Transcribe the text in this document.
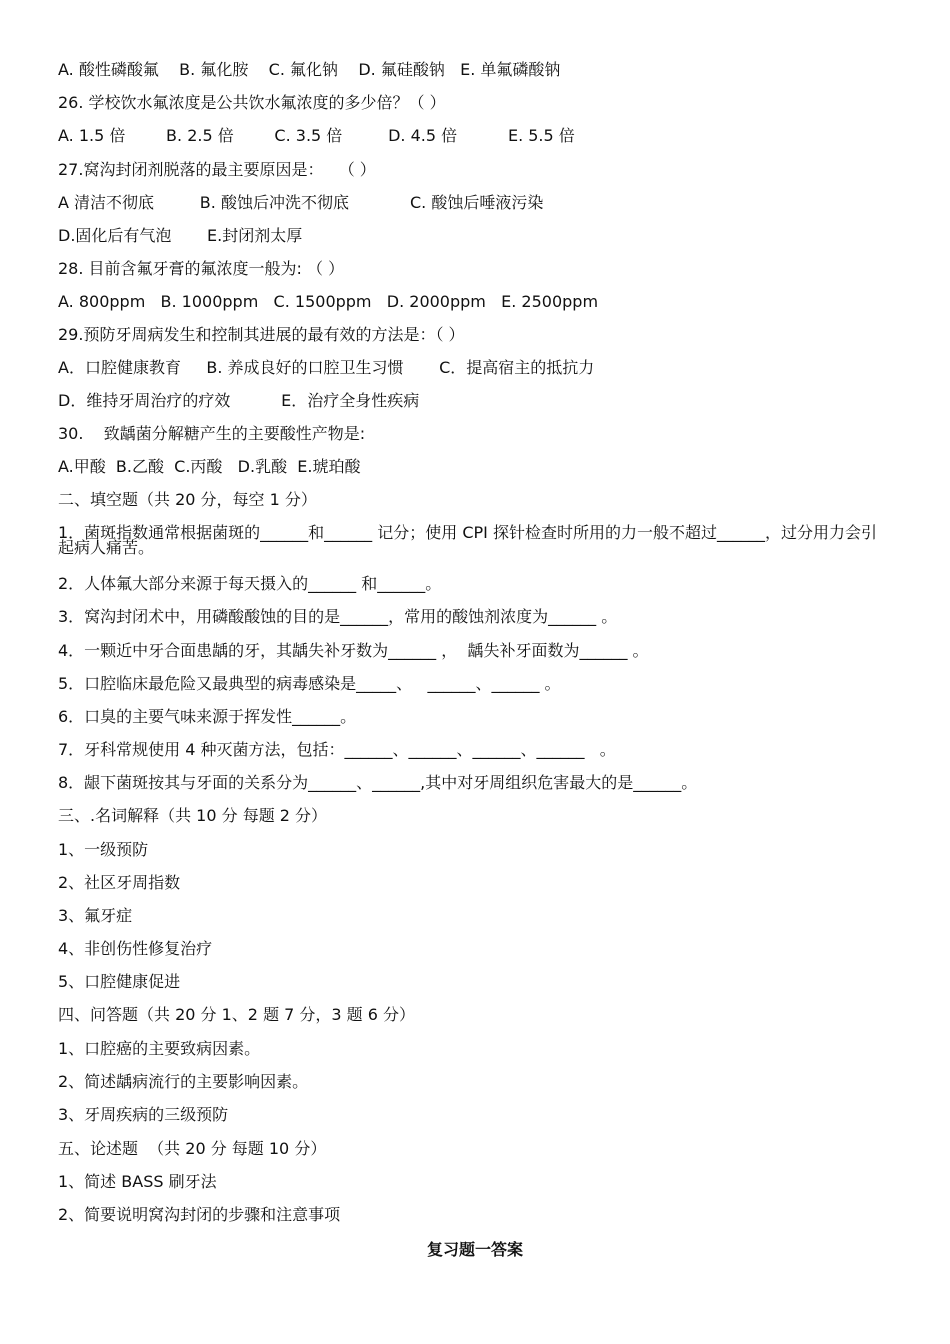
A. 酸性磷酸氟    B. 氟化胺    C. 氟化钠    D. 氟硅酸钠   E. 单氟磷酸钠
26. 学校饮水氟浓度是公共饮水氟浓度的多少倍？（ ）
A. 1.5 倍        B. 2.5 倍        C. 3.5 倍         D. 4.5 倍          E. 5.5 倍
27.窝沟封闭剂脱落的最主要原因是：   （ ）
A 清洁不彻底         B. 酸蚀后冲洗不彻底            C. 酸蚀后唾液污染
D.固化后有气泡       E.封闭剂太厚
28. 目前含氟牙膏的氟浓度一般为: （ ）
A. 800ppm   B. 1000ppm   C. 1500ppm   D. 2000ppm   E. 2500ppm
29.预防牙周病发生和控制其进展的最有效的方法是：（ ）
A．口腔健康教育     B. 养成良好的口腔卫生习惯       C．提高宿主的抵抗力
D．维持牙周治疗的疗效          E．治疗全身性疾病
30.    致龋菌分解糖产生的主要酸性产物是:
A.甲酸  B.乙酸  C.丙酸   D.乳酸  E.琥珀酸
二、填空题（共 20 分，每空 1 分）
1．菌斑指数通常根据菌斑的______和______ 记分；使用 CPI 探针检查时所用的力一般不超过______，过分用力会引起病人痛苦。
2．人体氟大部分来源于每天摄入的______ 和______。
3．窝沟封闭术中，用磷酸酸蚀的目的是______，常用的酸蚀剂浓度为______ 。
4．一颗近中牙合面患龋的牙，其龋失补牙数为______ ，  龋失补牙面数为______ 。
5．口腔临床最危险又最典型的病毒感染是_____、   ______、______ 。
6．口臭的主要气味来源于挥发性______。
7．牙科常规使用 4 种灭菌方法，包括：______、______、______、______   。
8．龈下菌斑按其与牙面的关系分为______、______,其中对牙周组织危害最大的是______。
三、.名词解释（共 10 分 每题 2 分）
1、一级预防
2、社区牙周指数
3、氟牙症
4、非创伤性修复治疗
5、口腔健康促进
四、问答题（共 20 分 1、2 题 7 分，3 题 6 分）
1、口腔癌的主要致病因素。
2、简述龋病流行的主要影响因素。
3、牙周疾病的三级预防
五、论述题  （共 20 分 每题 10 分）
1、简述 BASS 刷牙法
2、简要说明窝沟封闭的步骤和注意事项
复习题一答案
